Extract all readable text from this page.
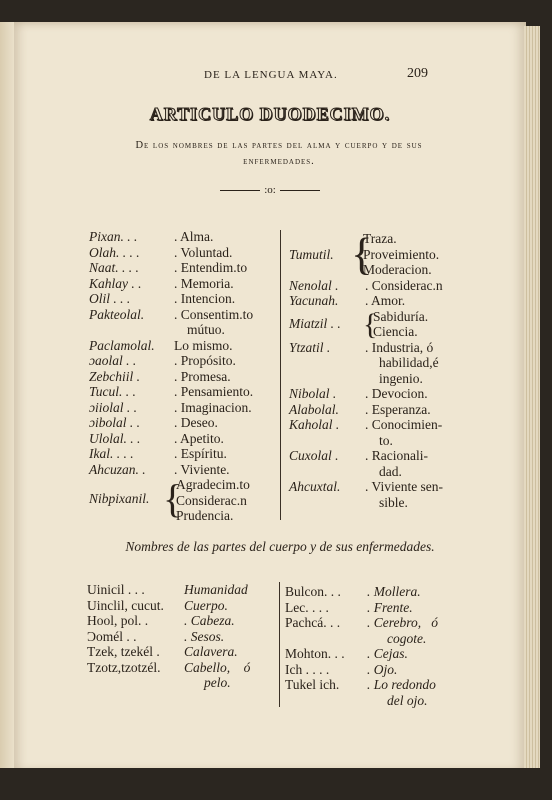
DE LA LENGUA MAYA.	209
ARTICULO DUODECIMO.
De los nombres de las partes del alma y cuerpo y de sus enfermedades.
:o:
Pixan. . .	. Alma.
Olah. . . .	. Voluntad.
Naat. . . .	. Entendim.to
Kahlay . . . Memoria.
Olil . . .	. Intencion.
Pakteolal. . Consentim.to
mútuo.
Paclamolal. Lo mismo.
ɔaolal . .	. Propósito.
Zebchiil .	. Promesa.
Tucul. . .	. Pensamiento.
ɔiiolal . .	. Imaginacion.
ɔibolal . .	. Deseo.
Ulolal. . . . Apetito.
Ikal. . . .	. Espíritu.
Ahcuzan. . . Viviente.
Nibpixanil. {
Agradecim.to
Considerac.n
Prudencia.
Tumutil. {
Traza.
Proveimiento.
Moderacion.
Nenolal . . Considerac.n
Yacunah. . Amor.
Miatzil . . {
Sabiduría.
Ciencia.
Ytzatil .	. Industria, ó
habilidad,é
ingenio.
Nibolal . . Devocion.
Alabolal. . Esperanza.
Kaholal . . Conocimien-
to.
Cuxolal . . Racionali-
dad.
Ahcuxtal. . Viviente sen-
sible.
Nombres de las partes del cuerpo y de sus enfermedades.
Uinicil . . .	Humanidad
Uinclil, cucut. Cuerpo.
Hool, pol. .	. Cabeza.
Ɔomél . .	. Sesos.
Tzek, tzekél . Calavera.
Tzotz,tzotzél. Cabello,    ó
pelo.
Bulcon. . . . Mollera.
Lec. . . .	. Frente.
Pachcá. . . . Cerebro,   ó
cogote.
Mohton. . . . Cejas.
Ich . . . .	. Ojo.
Tukel ich. . Lo redondo
del ojo.
